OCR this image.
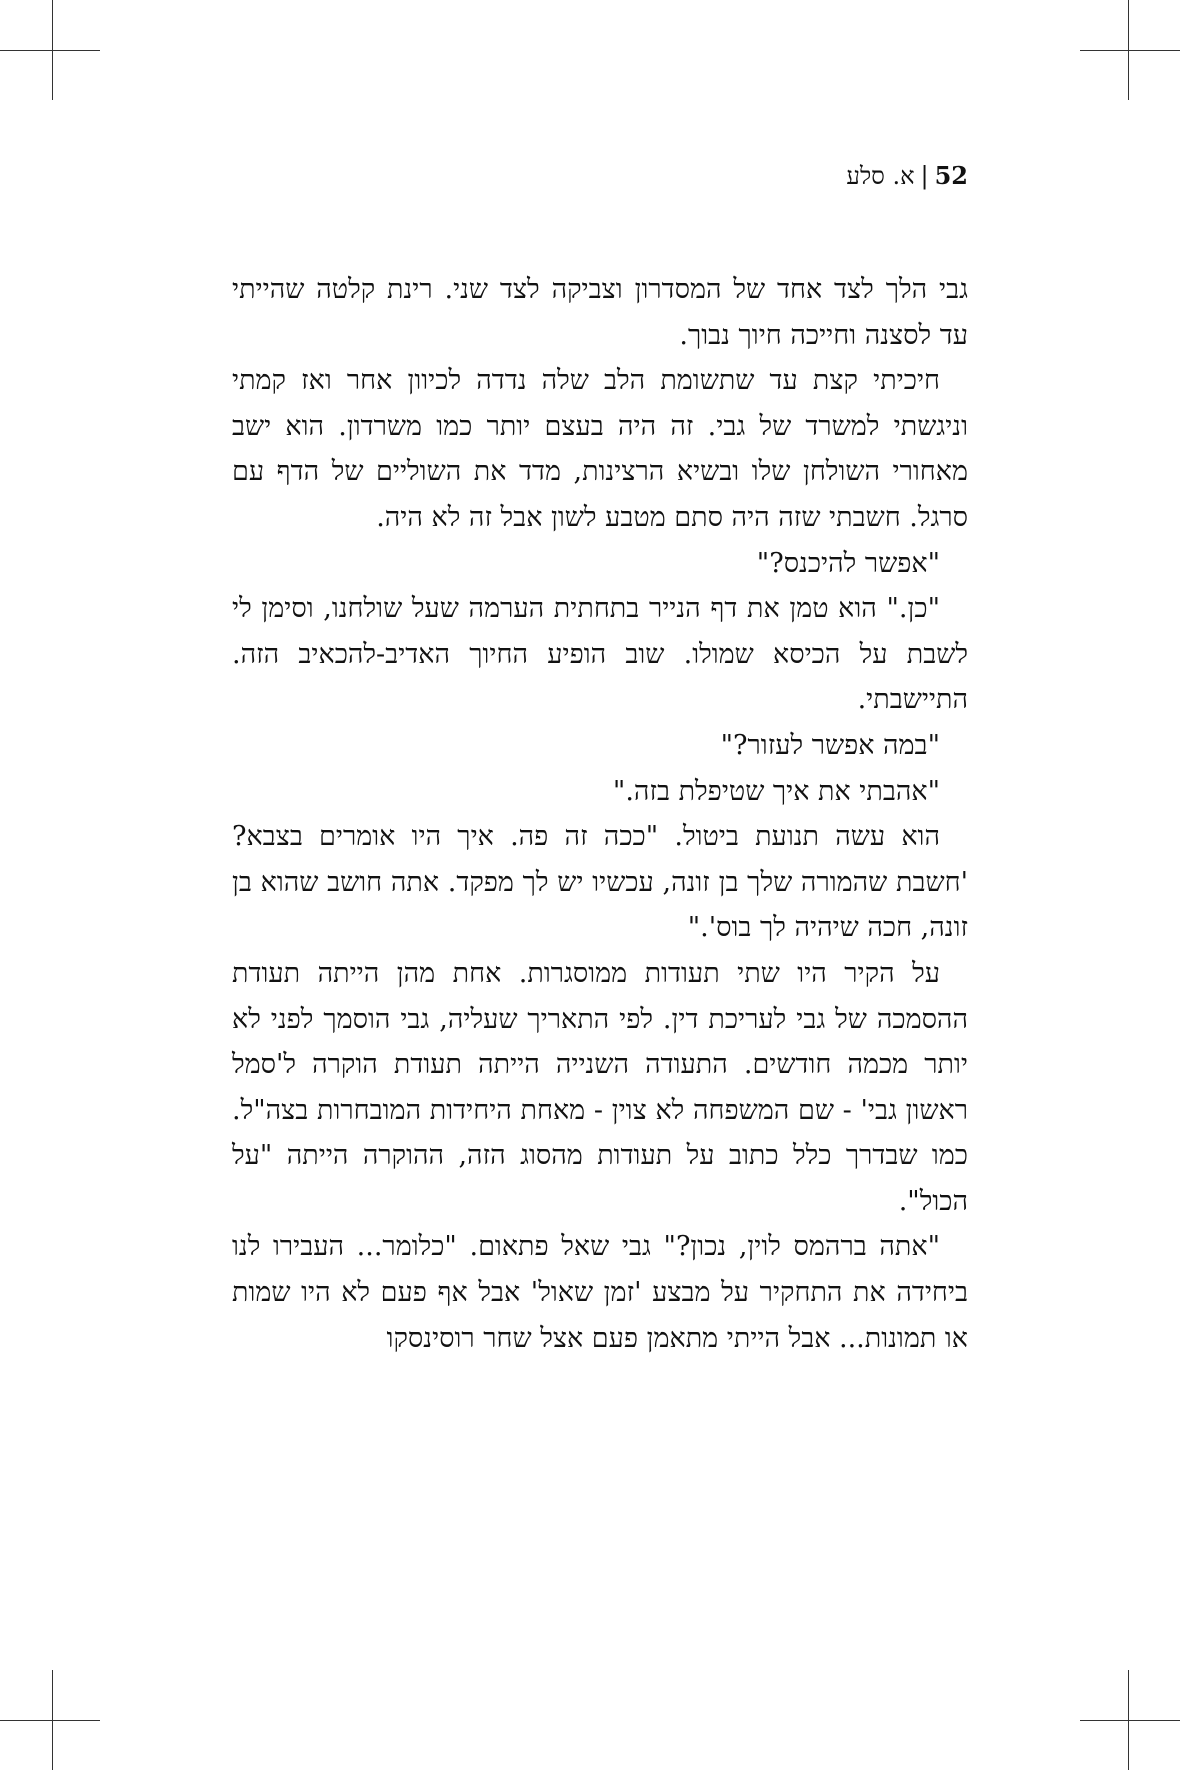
52|א. סלע

גבי הלך לצד אחד של המסדרון וצביקה לצד שני. רינת קלטה שהייתי עד לסצנה וחייכה חיוך נבוך.

חיכיתי קצת עד שתשומת הלב שלה נדדה לכיוון אחר ואז קמתי וניגשתי למשרד של גבי. זה היה בעצם יותר כמו משרדון. הוא ישב מאחורי השולחן שלו ובשיא הרצינות, מדד את השוליים של הדף עם סרגל. חשבתי שזה היה סתם מטבע לשון אבל זה לא היה.

"אפשר להיכנס?"

"כן." הוא טמן את דף הנייר בתחתית הערמה שעל שולחנו, וסימן לי לשבת על הכיסא שמולו. שוב הופיע החיוך האדיב-להכאיב הזה. התיישבתי.

"במה אפשר לעזור?"

"אהבתי את איך שטיפלת בזה."

הוא עשה תנועת ביטול. "ככה זה פה. איך היו אומרים בצבא? 'חשבת שהמורה שלך בן זונה, עכשיו יש לך מפקד. אתה חושב שהוא בן זונה, חכה שיהיה לך בוס'."

על הקיר היו שתי תעודות ממוסגרות. אחת מהן הייתה תעודת ההסמכה של גבי לעריכת דין. לפי התאריך שעליה, גבי הוסמך לפני לא יותר מכמה חודשים. התעודה השנייה הייתה תעודת הוקרה ל'סמל ראשון גבי' - שם המשפחה לא צוין - מאחת היחידות המובחרות בצה"ל. כמו שבדרך כלל כתוב על תעודות מהסוג הזה, ההוקרה הייתה "על הכול".

"אתה ברהמס לוין, נכון?" גבי שאל פתאום. "כלומר... העבירו לנו ביחידה את התחקיר על מבצע 'זמן שאול' אבל אף פעם לא היו שמות או תמונות... אבל הייתי מתאמן פעם אצל שחר רוסינסקו
